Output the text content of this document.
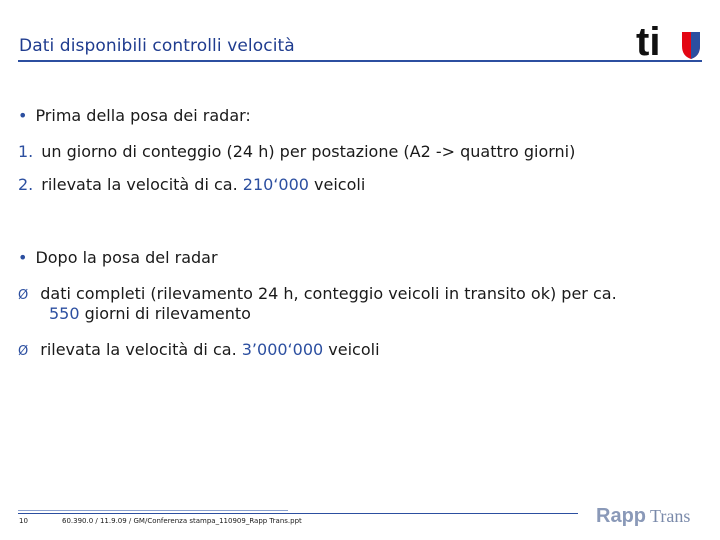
Dati disponibili controlli velocità	ti
• Prima della posa dei radar:
1. un giorno di conteggio (24 h) per postazione (A2 -> quattro giorni)
2. rilevata la velocità di ca. 210‘000 veicoli
• Dopo la posa del radar
Ø dati completi (rilevamento 24 h, conteggio veicoli in transito ok) per ca.
550 giorni di rilevamento
Ø rilevata la velocità di ca. 3’000‘000 veicoli
10	60.390.0 / 11.9.09 / GM/Conferenza stampa_110909_Rapp Trans.ppt	Rapp Trans
